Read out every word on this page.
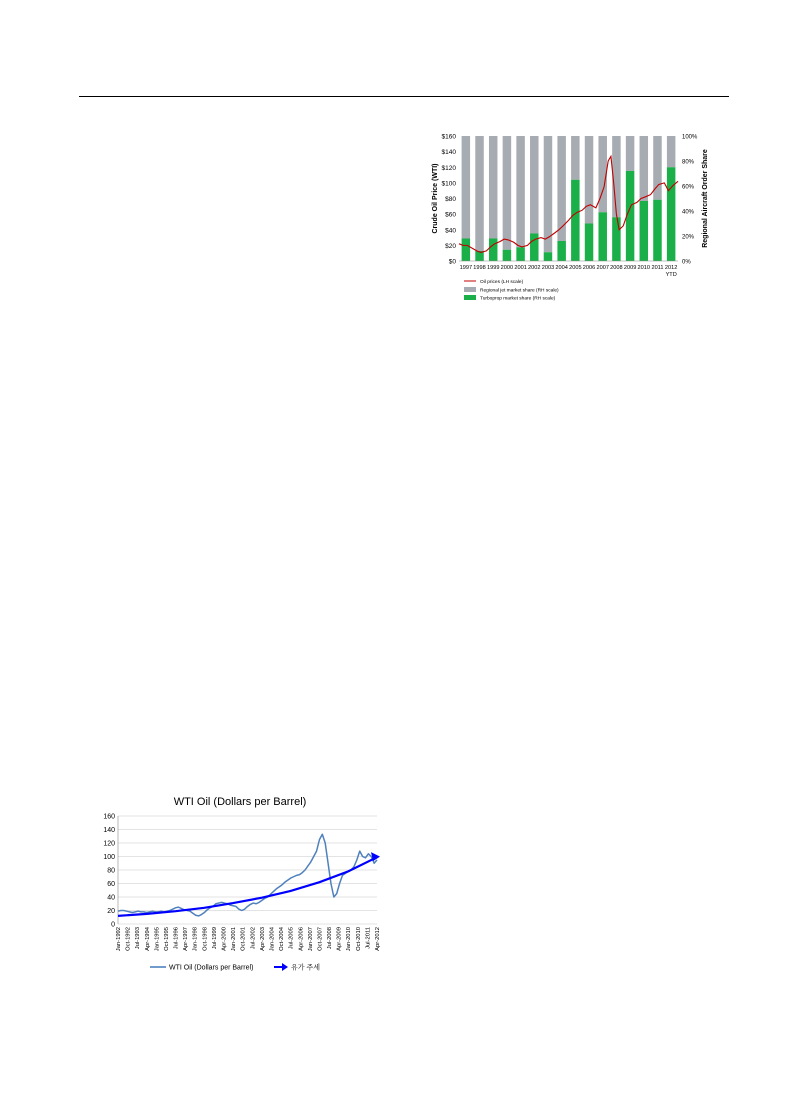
$160
$140
$120
$100
$80
$60
$40
$20
$0
100%
80%
60%
40%
20%
0%
1997 1998 1999 2000 2001 2002 2003 2004 2005 2006 2007 2008 2009 2010 2011 2012
YTD
Crude Oil Price (WTI)	Regional Aircraft Order Share
Oil prices (LH scale)
Regional jet market share (RH scale)
Turboprop market share (RH scale)
WTI Oil (Dollars per Barrel)
160
140
120
100
80
60
40
20
0
Jan-1992 Oct-1992 Jul-1993 Apr-1994 Jan-1995 Oct-1995 Jul-1996 Apr-1997 Jan-1998 Oct-1998 Jul-1999 Apr-2000 Jan-2001 Oct-2001 Jul-2002 Apr-2003 Jan-2004 Oct-2004 Jul-2005 Apr-2006 Jan-2007 Oct-2007 Jul-2008 Apr-2009 Jan-2010 Oct-2010 Jul-2011 Apr-2012
WTI Oil (Dollars per Barrel)	유가 주세
